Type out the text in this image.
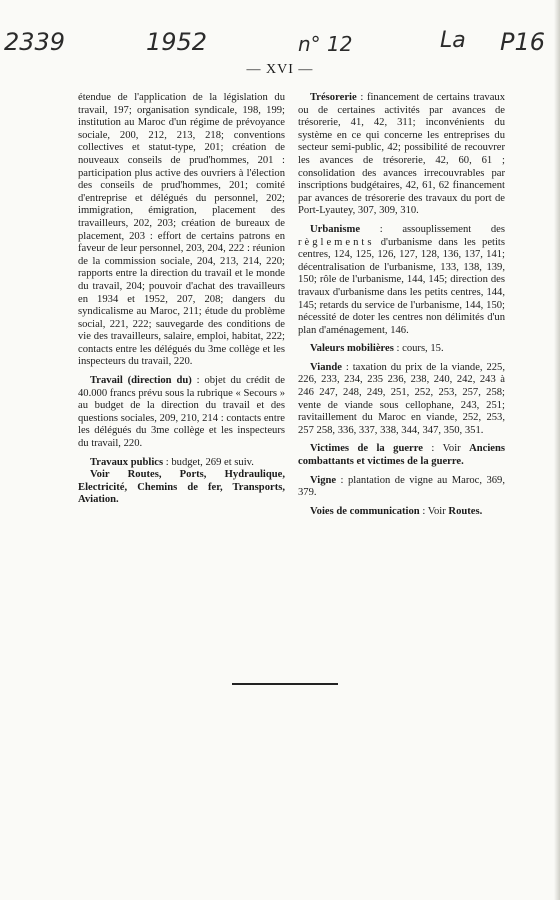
2339	1952	n° 12	La P16
— XVI —

étendue de l'application de la législation du travail, 197; organisation syndicale, 198, 199; institution au Maroc d'un régime de prévoyance sociale, 200, 212, 213, 218; conventions collectives et statut-type, 201; création de nouveaux conseils de prud'hommes, 201 : participation plus active des ouvriers à l'élection des conseils de prud'hommes, 201; comité d'entreprise et délégués du personnel, 202; immigration, émigration, placement des travailleurs, 202, 203; création de bureaux de placement, 203 : effort de certains patrons en faveur de leur personnel, 203, 204, 222 : réunion de la commission sociale, 204, 213, 214, 220; rapports entre la direction du travail et le monde du travail, 204; pouvoir d'achat des travailleurs en 1934 et 1952, 207, 208; dangers du syndicalisme au Maroc, 211; étude du problème social, 221, 222; sauvegarde des conditions de vie des travailleurs, salaire, emploi, habitat, 222; contacts entre les délégués du 3me collège et les inspecteurs du travail, 220.

Travail (direction du) : objet du crédit de 40.000 francs prévu sous la rubrique « Secours » au budget de la direction du travail et des questions sociales, 209, 210, 214 : contacts entre les délégués du 3me collège et les inspecteurs du travail, 220.

Travaux publics : budget, 269 et suiv.

Voir Routes, Ports, Hydraulique, Electricité, Chemins de fer, Transports, Aviation.

Trésorerie : financement de certains travaux ou de certaines activités par avances de trésorerie, 41, 42, 311; inconvénients du système en ce qui concerne les entreprises du secteur semi-public, 42; possibilité de recouvrer les avances de trésorerie, 42, 60, 61 ; consolidation des avances irrecouvrables par inscriptions budgétaires, 42, 61, 62 financement par avances de trésorerie des travaux du port de Port-Lyautey, 307, 309, 310.

Urbanisme : assouplissement des règlements d'urbanisme dans les petits centres, 124, 125, 126, 127, 128, 136, 137, 141; décentralisation de l'urbanisme, 133, 138, 139, 150; rôle de l'urbanisme, 144, 145; direction des travaux d'urbanisme dans les petits centres, 144, 145; retards du service de l'urbanisme, 144, 150; nécessité de doter les centres non délimités d'un plan d'aménagement, 146.

Valeurs mobilières : cours, 15.

Viande : taxation du prix de la viande, 225, 226, 233, 234, 235 236, 238, 240, 242, 243 à 246 247, 248, 249, 251, 252, 253, 257, 258; vente de viande sous cellophane, 243, 251; ravitaillement du Maroc en viande, 252, 253, 257 258, 336, 337, 338, 344, 347, 350, 351.

Victimes de la guerre : Voir Anciens combattants et victimes de la guerre.

Vigne : plantation de vigne au Maroc, 369, 379.

Voies de communication : Voir Routes.
